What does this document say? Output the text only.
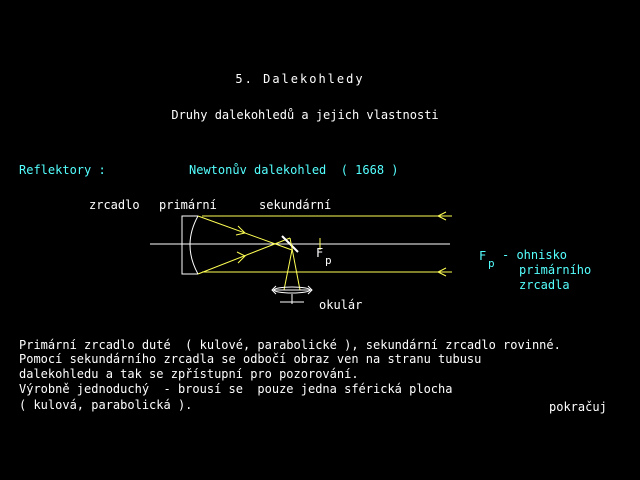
5. Dalekohledy
Druhy dalekohledů a jejich vlastnosti
Reflektory :	Newtonův dalekohled  ( 1668 )
zrcadlo primární	sekundární
F
p
okulár
F
p
- ohnisko
primárního
zrcadla
Primární zrcadlo duté  ( kulové, parabolické ), sekundární zrcadlo rovinné.
Pomocí sekundárního zrcadla se odbočí obraz ven na stranu tubusu
dalekohledu a tak se zpřístupní pro pozorování.
Výrobně jednoduchý  - brousí se  pouze jedna sférická plocha
( kulová, parabolická ).	pokračuj
